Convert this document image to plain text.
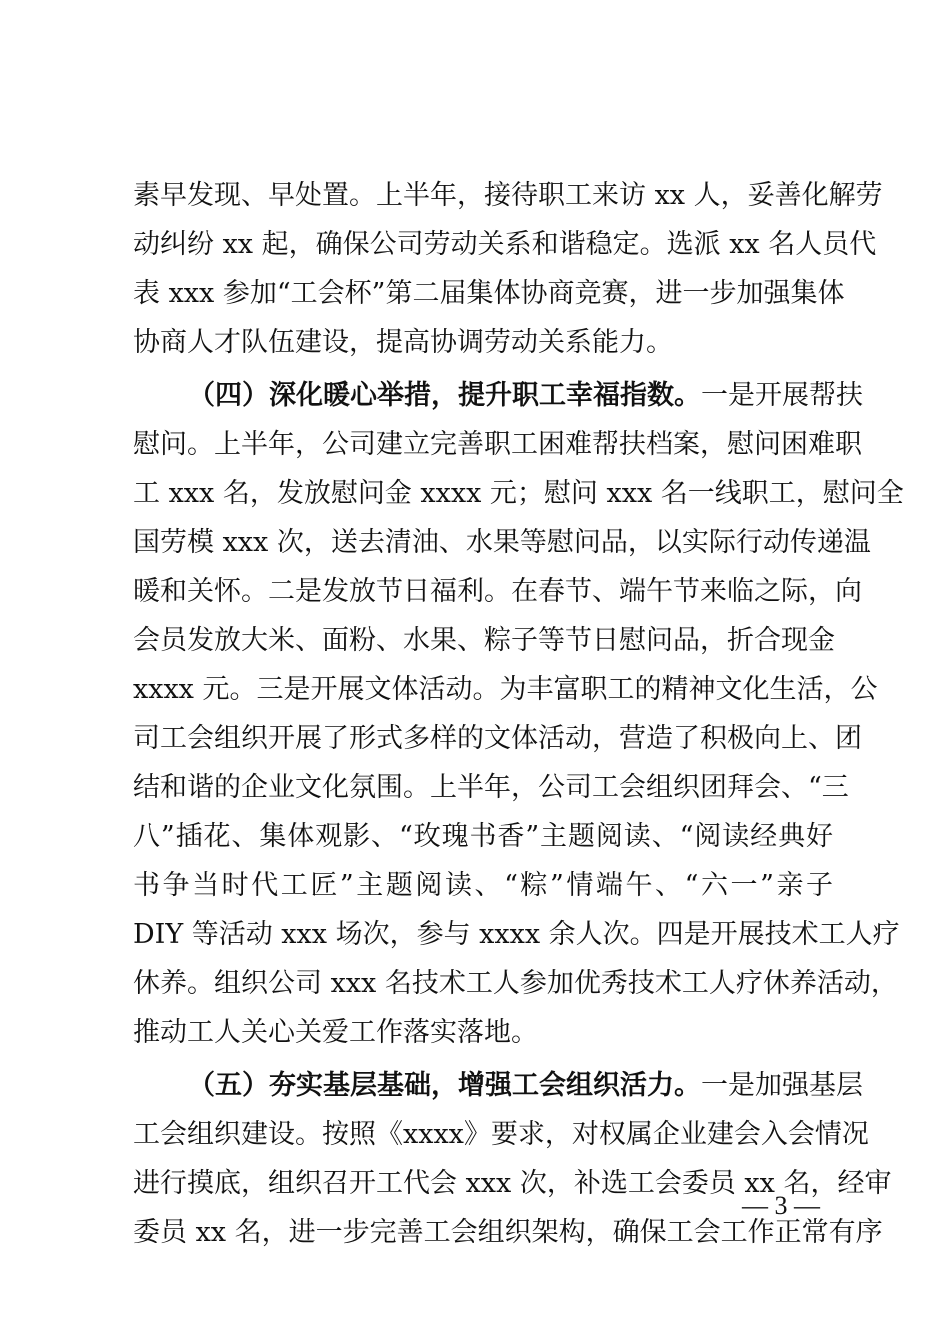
素早发现、早处置。上半年，接待职工来访 xx 人，妥善化解劳
动纠纷 xx 起，确保公司劳动关系和谐稳定。选派 xx 名人员代
表 xxx 参加“工会杯”第二届集体协商竞赛，进一步加强集体
协商人才队伍建设，提高协调劳动关系能力。
（四）深化暖心举措，提升职工幸福指数。一是开展帮扶
慰问。上半年，公司建立完善职工困难帮扶档案，慰问困难职
工 xxx 名，发放慰问金 xxxx 元；慰问 xxx 名一线职工，慰问全
国劳模 xxx 次，送去清油、水果等慰问品，以实际行动传递温
暖和关怀。二是发放节日福利。在春节、端午节来临之际，向
会员发放大米、面粉、水果、粽子等节日慰问品，折合现金
xxxx 元。三是开展文体活动。为丰富职工的精神文化生活，公
司工会组织开展了形式多样的文体活动，营造了积极向上、团
结和谐的企业文化氛围。上半年，公司工会组织团拜会、“三
八”插花、集体观影、“玫瑰书香”主题阅读、“阅读经典好
书争当时代工匠”主题阅读、“粽”情端午、“六一”亲子
DIY 等活动 xxx 场次，参与 xxxx 余人次。四是开展技术工人疗
休养。组织公司 xxx 名技术工人参加优秀技术工人疗休养活动，
推动工人关心关爱工作落实落地。
（五）夯实基层基础，增强工会组织活力。一是加强基层
工会组织建设。按照《xxxx》要求，对权属企业建会入会情况
进行摸底，组织召开工代会 xxx 次，补选工会委员 xx 名，经审
委员 xx 名，进一步完善工会组织架构，确保工会工作正常有序
— 3 —
